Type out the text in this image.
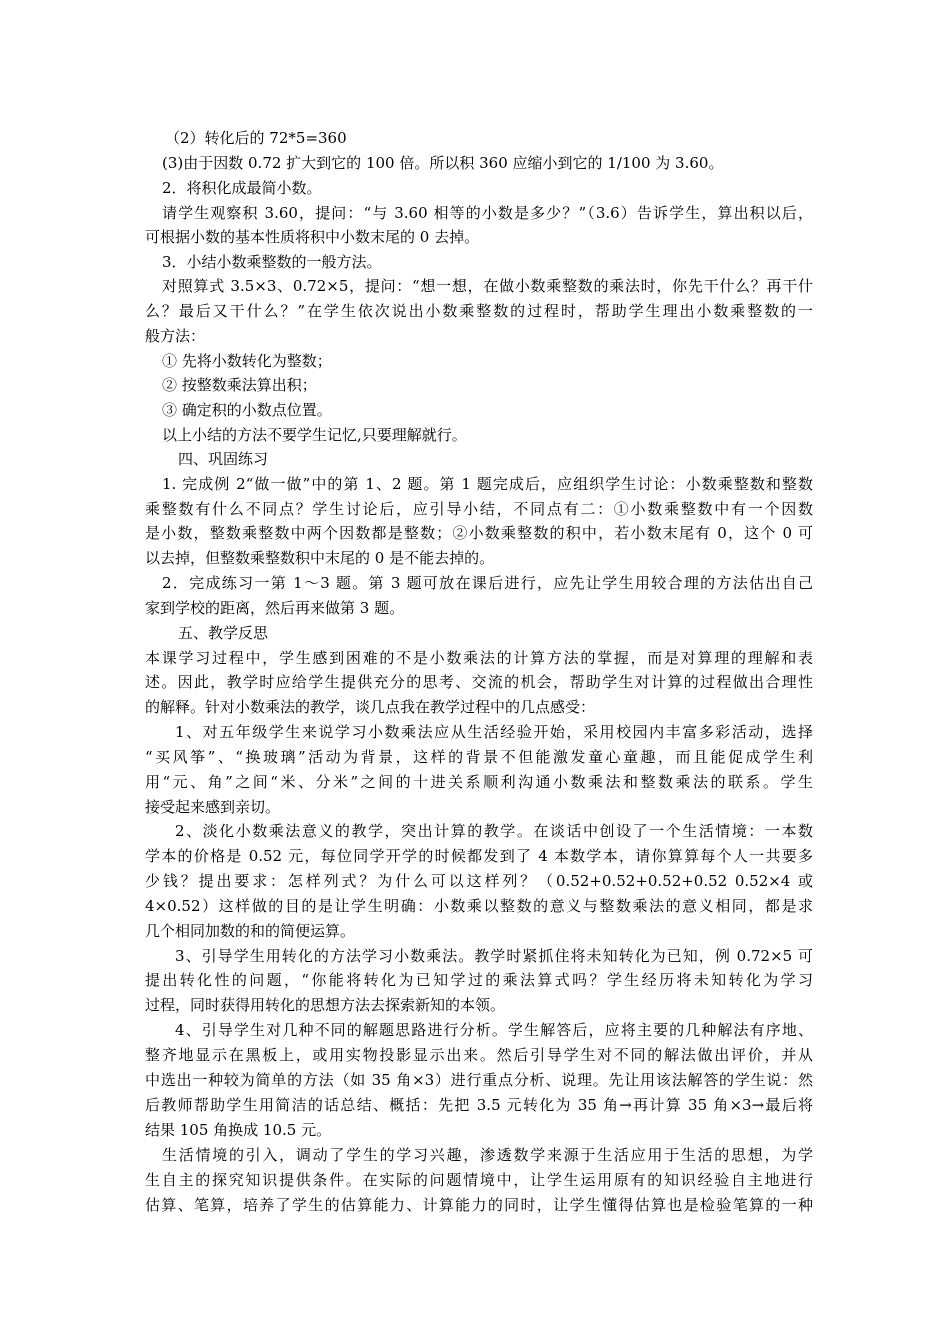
（2）转化后的 72*5=360
(3)由于因数 0.72 扩大到它的 100 倍。所以积 360 应缩小到它的 1/100 为 3.60。
2．将积化成最简小数。
请学生观察积 3.60，提问：“与 3.60 相等的小数是多少？”（3.6）告诉学生，算出积以后，
可根据小数的基本性质将积中小数末尾的 0 去掉。
3．小结小数乘整数的一般方法。
对照算式 3.5×3、0.72×5，提问：“想一想，在做小数乘整数的乘法时，你先干什么？再干什
么？最后又干什么？”在学生依次说出小数乘整数的过程时，帮助学生理出小数乘整数的一
般方法：
① 先将小数转化为整数；
② 按整数乘法算出积；
③ 确定积的小数点位置。
以上小结的方法不要学生记忆,只要理解就行。
四、巩固练习
1. 完成例 2“做一做”中的第 1、2 题。第 1 题完成后，应组织学生讨论：小数乘整数和整数
乘整数有什么不同点？学生讨论后，应引导小结，不同点有二：①小数乘整数中有一个因数
是小数，整数乘整数中两个因数都是整数；②小数乘整数的积中，若小数末尾有 0，这个 0 可
以去掉，但整数乘整数积中末尾的 0 是不能去掉的。
2．完成练习一第 1～3 题。第 3 题可放在课后进行，应先让学生用较合理的方法估出自己
家到学校的距离，然后再来做第 3 题。
五、教学反思
本课学习过程中，学生感到困难的不是小数乘法的计算方法的掌握，而是对算理的理解和表
述。因此，教学时应给学生提供充分的思考、交流的机会，帮助学生对计算的过程做出合理性
的解释。针对小数乘法的教学，谈几点我在教学过程中的几点感受：
1、对五年级学生来说学习小数乘法应从生活经验开始，采用校园内丰富多彩活动，选择
“买风筝”、“换玻璃”活动为背景，这样的背景不但能激发童心童趣，而且能促成学生利
用“元、角”之间“米、分米”之间的十进关系顺利沟通小数乘法和整数乘法的联系。学生
接受起来感到亲切。
2、淡化小数乘法意义的教学，突出计算的教学。在谈话中创设了一个生活情境：一本数
学本的价格是 0.52 元，每位同学开学的时候都发到了 4 本数学本，请你算算每个人一共要多
少钱？提出要求：怎样列式？为什么可以这样列？（0.52+0.52+0.52+0.52 0.52×4 或
4×0.52）这样做的目的是让学生明确：小数乘以整数的意义与整数乘法的意义相同，都是求
几个相同加数的和的简便运算。
3、引导学生用转化的方法学习小数乘法。教学时紧抓住将未知转化为已知，例 0.72×5 可
提出转化性的问题，“你能将转化为已知学过的乘法算式吗？学生经历将未知转化为学习
过程，同时获得用转化的思想方法去探索新知的本领。
4、引导学生对几种不同的解题思路进行分析。学生解答后，应将主要的几种解法有序地、
整齐地显示在黑板上，或用实物投影显示出来。然后引导学生对不同的解法做出评价，并从
中选出一种较为简单的方法（如 35 角×3）进行重点分析、说理。先让用该法解答的学生说：然
后教师帮助学生用简洁的话总结、概括：先把 3.5 元转化为 35 角→再计算 35 角×3→最后将
结果 105 角换成 10.5 元。
生活情境的引入，调动了学生的学习兴趣，渗透数学来源于生活应用于生活的思想，为学
生自主的探究知识提供条件。在实际的问题情境中，让学生运用原有的知识经验自主地进行
估算、笔算，培养了学生的估算能力、计算能力的同时，让学生懂得估算也是检验笔算的一种
